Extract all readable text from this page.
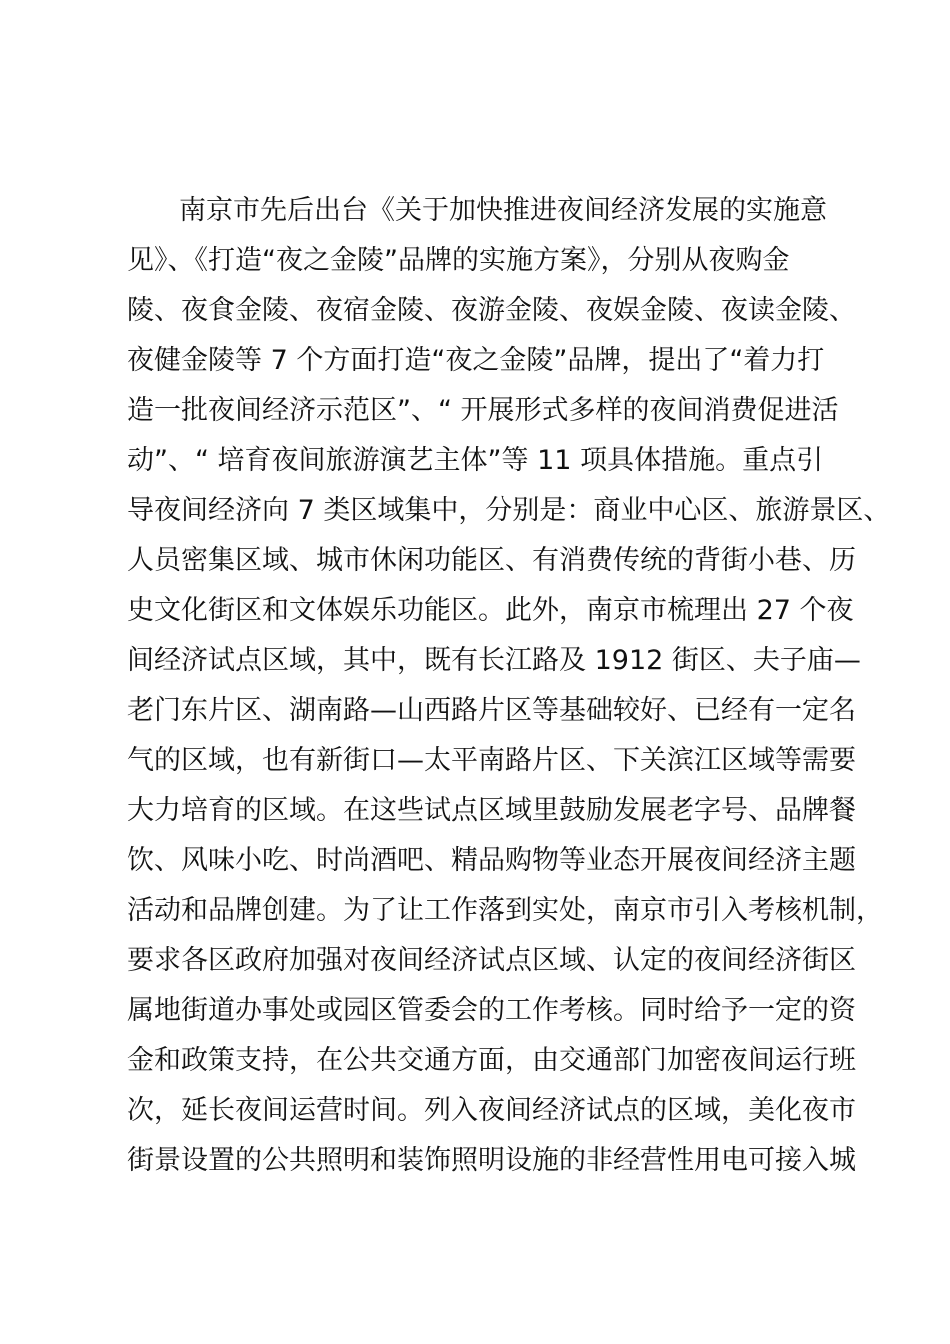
南京市先后出台《关于加快推进夜间经济发展的实施意
见》、《打造“夜之金陵”品牌的实施方案》，分别从夜购金
陵、夜食金陵、夜宿金陵、夜游金陵、夜娱金陵、夜读金陵、
夜健金陵等 7 个方面打造“夜之金陵”品牌，提出了“着力打
造一批夜间经济示范区”、“ 开展形式多样的夜间消费促进活
动”、“ 培育夜间旅游演艺主体”等 11 项具体措施。重点引
导夜间经济向 7 类区域集中，分别是：商业中心区、旅游景区、
人员密集区域、城市休闲功能区、有消费传统的背街小巷、历
史文化街区和文体娱乐功能区。此外，南京市梳理出 27 个夜
间经济试点区域，其中，既有长江路及 1912 街区、夫子庙—
老门东片区、湖南路—山西路片区等基础较好、已经有一定名
气的区域，也有新街口—太平南路片区、下关滨江区域等需要
大力培育的区域。在这些试点区域里鼓励发展老字号、品牌餐
饮、风味小吃、时尚酒吧、精品购物等业态开展夜间经济主题
活动和品牌创建。为了让工作落到实处，南京市引入考核机制，
要求各区政府加强对夜间经济试点区域、认定的夜间经济街区
属地街道办事处或园区管委会的工作考核。同时给予一定的资
金和政策支持，在公共交通方面，由交通部门加密夜间运行班
次，延长夜间运营时间。列入夜间经济试点的区域，美化夜市
街景设置的公共照明和装饰照明设施的非经营性用电可接入城
